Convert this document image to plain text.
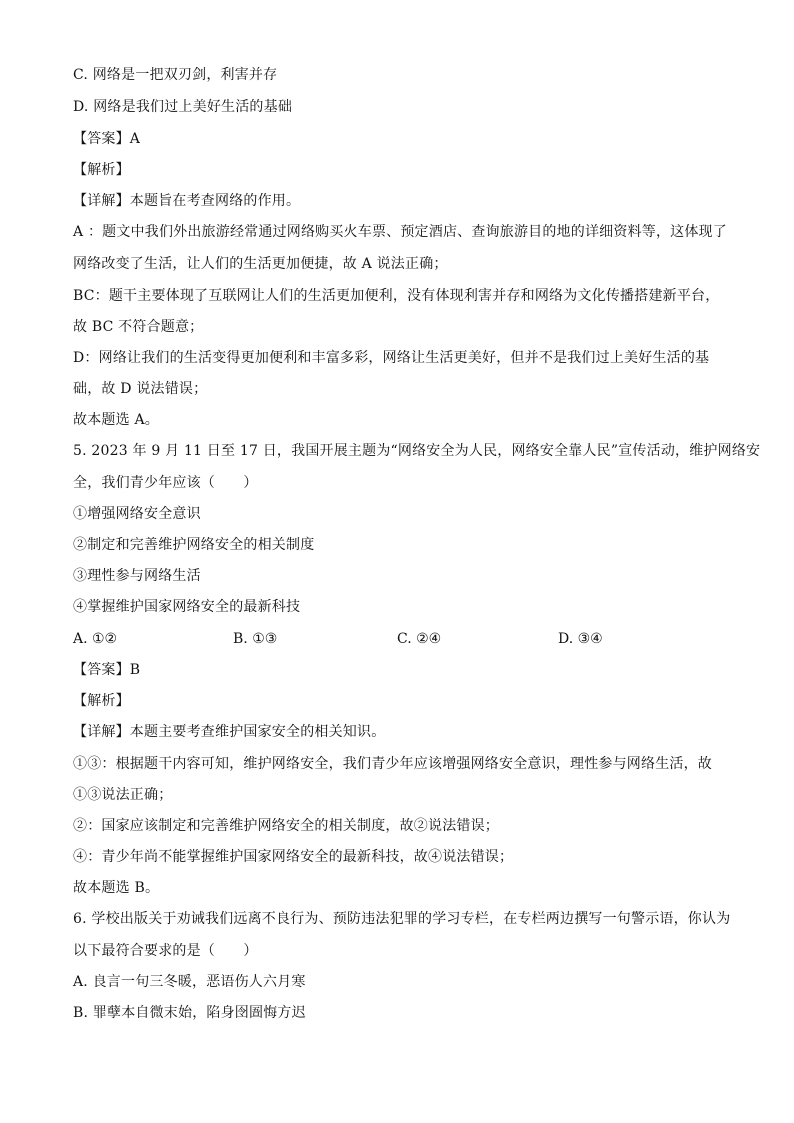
C. 网络是一把双刃剑，利害并存
D. 网络是我们过上美好生活的基础
【答案】A
【解析】
【详解】本题旨在考查网络的作用。
A ：题文中我们外出旅游经常通过网络购买火车票、预定酒店、查询旅游目的地的详细资料等，这体现了
网络改变了生活，让人们的生活更加便捷，故 A 说法正确；
BC：题干主要体现了互联网让人们的生活更加便利，没有体现利害并存和网络为文化传播搭建新平台，
故 BC 不符合题意；
D：网络让我们的生活变得更加便利和丰富多彩，网络让生活更美好，但并不是我们过上美好生活的基
础，故 D 说法错误；
故本题选 A。
5. 2023 年 9 月 11 日至 17 日，我国开展主题为“网络安全为人民，网络安全靠人民”宣传活动，维护网络安
全，我们青少年应该（　　）
①增强网络安全意识
②制定和完善维护网络安全的相关制度
③理性参与网络生活
④掌握维护国家网络安全的最新科技
A. ①②	B. ①③	C. ②④	D. ③④
【答案】B
【解析】
【详解】本题主要考查维护国家安全的相关知识。
①③：根据题干内容可知，维护网络安全，我们青少年应该增强网络安全意识，理性参与网络生活，故
①③说法正确；
②：国家应该制定和完善维护网络安全的相关制度，故②说法错误；
④：青少年尚不能掌握维护国家网络安全的最新科技，故④说法错误；
故本题选 B。
6. 学校出版关于劝诫我们远离不良行为、预防违法犯罪的学习专栏，在专栏两边撰写一句警示语，你认为
以下最符合要求的是（　　）
A. 良言一句三冬暖，恶语伤人六月寒
B. 罪孽本自微末始，陷身囹圄悔方迟
